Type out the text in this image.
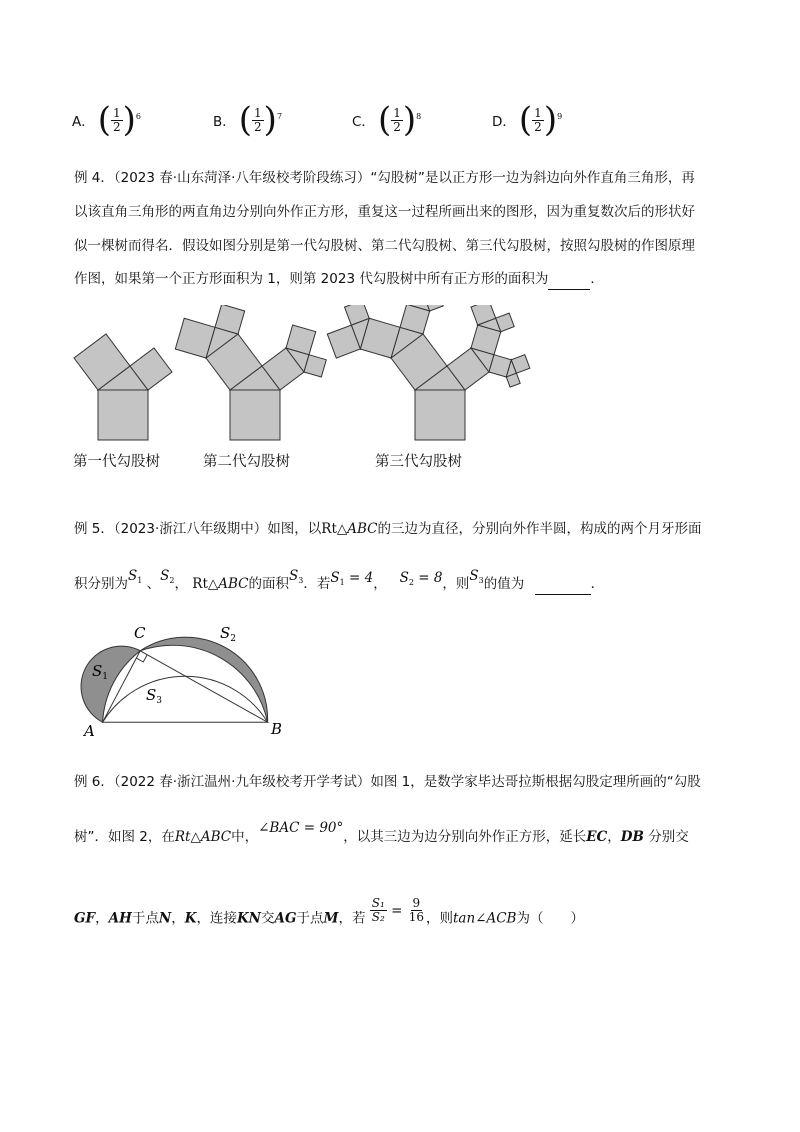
A． ( $\frac{1}{2}$ ) 6	B． ( $\frac{1}{2}$ ) 7	C． ( $\frac{1}{2}$ ) 8	D． ( $\frac{1}{2}$ ) 9
例 4．（2023 春·山东菏泽·八年级校考阶段练习）“勾股树”是以正方形一边为斜边向外作直角三角形，再
以该直角三角形的两直角边分别向外作正方形，重复这一过程所画出来的图形，因为重复数次后的形状好
似一棵树而得名．假设如图分别是第一代勾股树、第二代勾股树、第三代勾股树，按照勾股树的作图原理
作图，如果第一个正方形面积为 1，则第 2023 代勾股树中所有正方形的面积为	．
第一代勾股树	第二代勾股树	第三代勾股树
例 5．（2023·浙江八年级期中）如图，以Rt△ABC的三边为直径，分别向外作半圆，构成的两个月牙形面
积分别为$S_1$ 、$S_2$， Rt△ABC的面积$S_3$．若$S_1 = 4$， $S_2 = 8$，则$S_3$的值为	．
C
A	B
$S_1$
$S_2$
$S_3$
例 6．（2022 春·浙江温州·九年级校考开学考试）如图 1，是数学家毕达哥拉斯根据勾股定理所画的“勾股
树”．如图 2，在Rt△ABC中，∠BAC = 90°，以其三边为边分别向外作正方形，延长EC，DB 分别交
GF，AH于点N，K，连接KN交AG于点M，若 $\frac{\text{S₁}}{\text{S₂}} = \frac{9}{16}$ ，则tan∠ACB为（　　）
